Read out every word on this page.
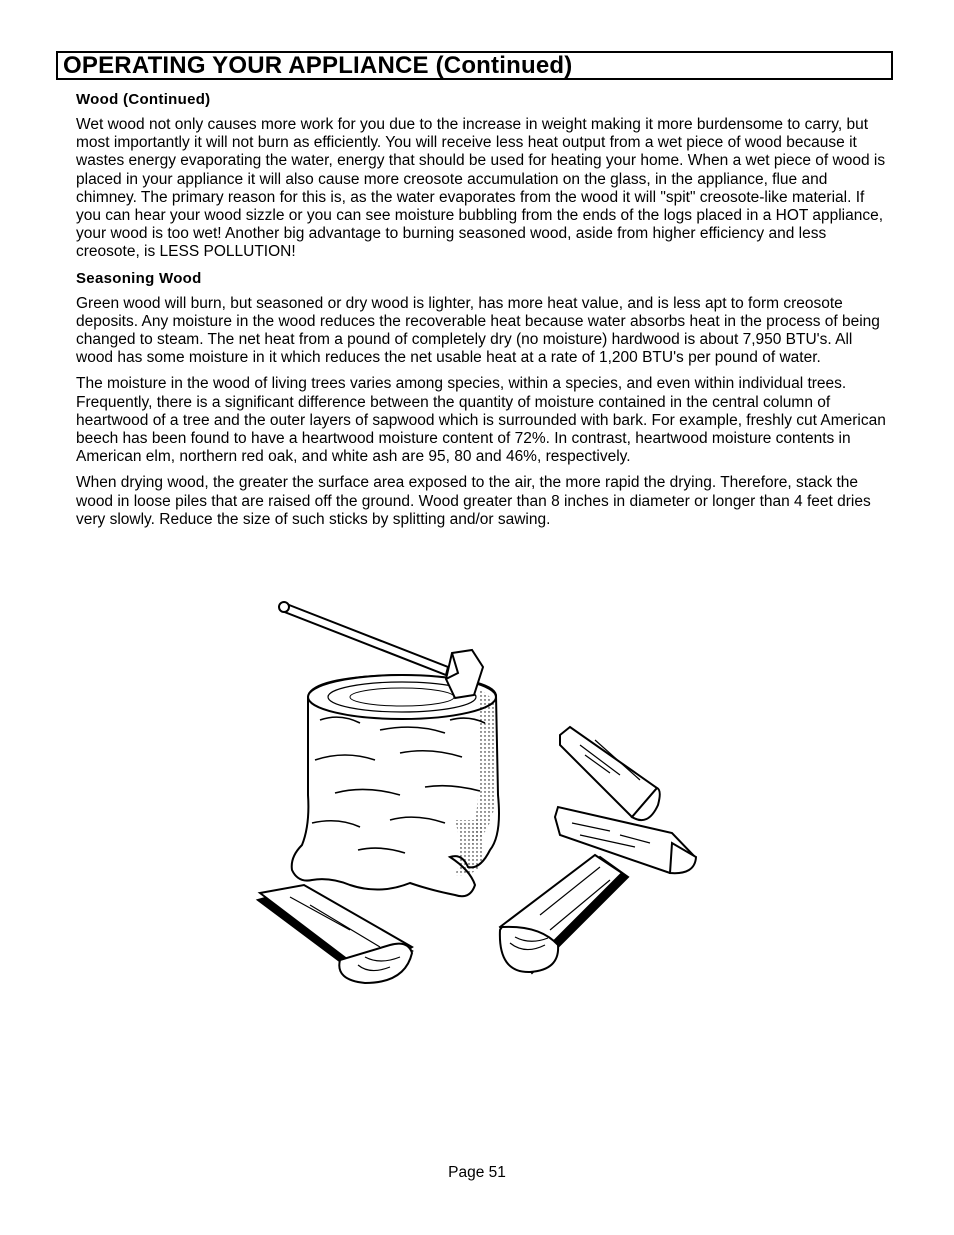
OPERATING YOUR APPLIANCE (Continued)
Wood (Continued)

Wet wood not only causes more work for you due to the increase in weight making it more burdensome to carry, but most importantly it will not burn as efficiently. You will receive less heat output from a wet piece of wood because it wastes energy evaporating the water, energy that should be used for heating your home. When a wet piece of wood is placed in your appliance it will also cause more creosote accumulation on the glass, in the appliance, flue and chimney. The primary reason for this is, as the water evaporates from the wood it will "spit" creosote-like material. If you can hear your wood sizzle or you can see moisture bubbling from the ends of the logs placed in a HOT appliance, your wood is too wet! Another big advantage to burning seasoned wood, aside from higher efficiency and less creosote, is LESS POLLUTION!

Seasoning Wood

Green wood will burn, but seasoned or dry wood is lighter, has more heat value, and is less apt to form creosote deposits. Any moisture in the wood reduces the recoverable heat because water absorbs heat in the process of being changed to steam. The net heat from a pound of completely dry (no moisture) hardwood is about 7,950 BTU's. All wood has some moisture in it which reduces the net usable heat at a rate of 1,200 BTU's per pound of water.

The moisture in the wood of living trees varies among species, within a species, and even within individual trees. Frequently, there is a significant difference between the quantity of moisture contained in the central column of heartwood of a tree and the outer layers of sapwood which is surrounded with bark. For example, freshly cut American beech has been found to have a heartwood moisture content of 72%. In contrast, heartwood moisture contents in American elm, northern red oak, and white ash are 95, 80 and 46%, respectively.

When drying wood, the greater the surface area exposed to the air, the more rapid the drying. Therefore, stack the wood in loose piles that are raised off the ground. Wood greater than 8 inches in diameter or longer than 4 feet dries very slowly. Reduce the size of such sticks by splitting and/or sawing.

Page 51
